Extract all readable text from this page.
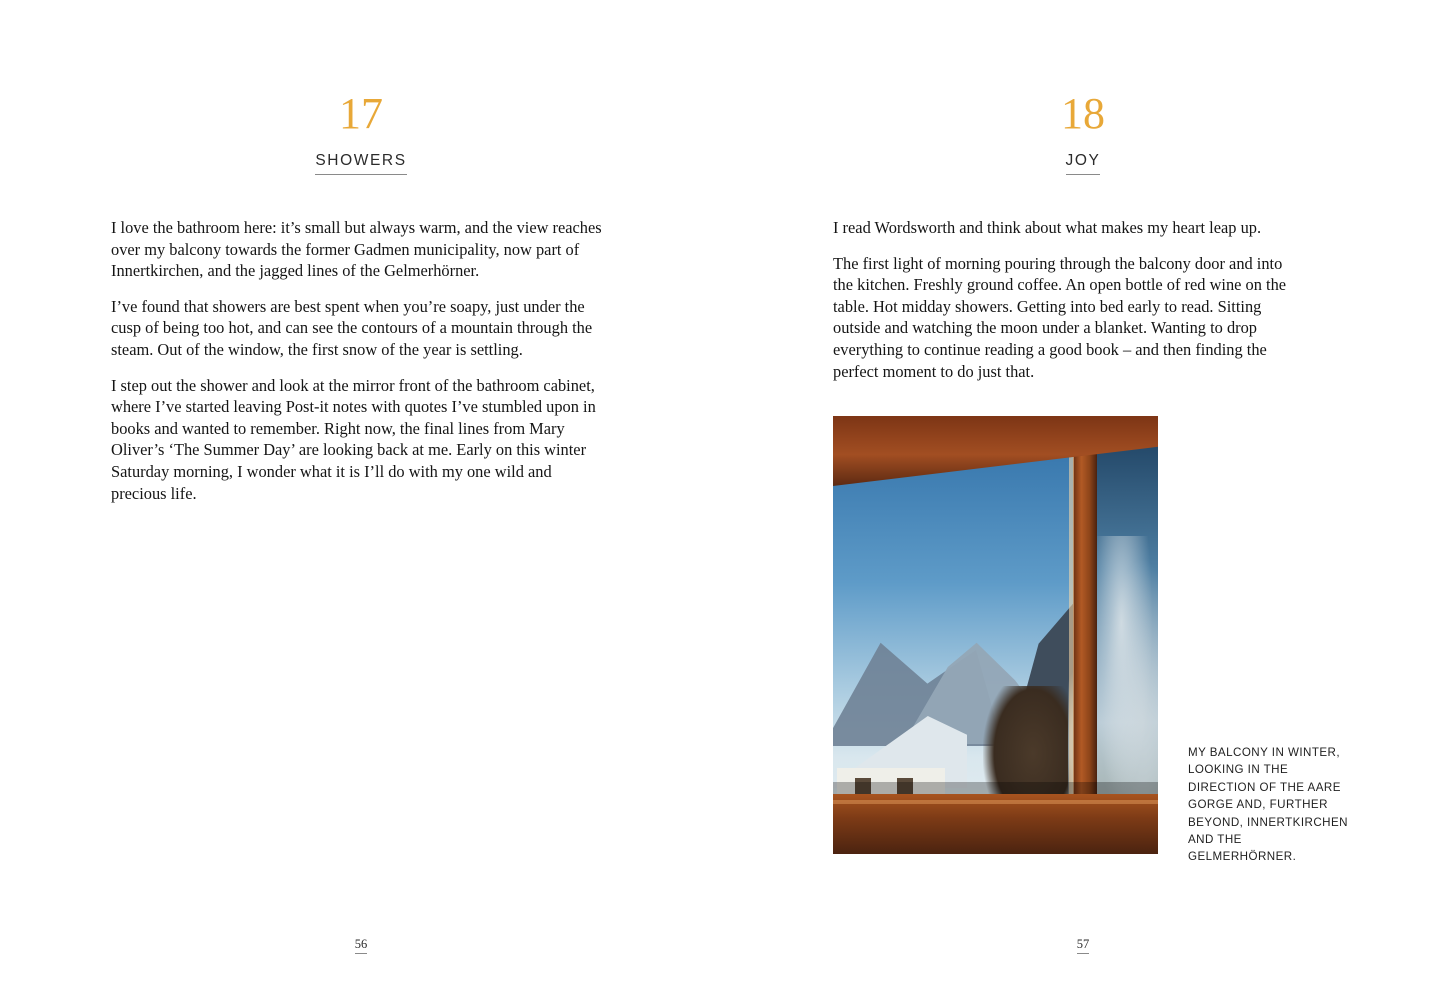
17
SHOWERS

I love the bathroom here: it’s small but always warm, and the view reaches over my balcony towards the former Gadmen municipality, now part of Innertkirchen, and the jagged lines of the Gelmerhörner.

I’ve found that showers are best spent when you’re soapy, just under the cusp of being too hot, and can see the contours of a mountain through the steam. Out of the window, the first snow of the year is settling.

I step out the shower and look at the mirror front of the bathroom cabinet, where I’ve started leaving Post-it notes with quotes I’ve stumbled upon in books and wanted to remember. Right now, the final lines from Mary Oliver’s ‘The Summer Day’ are looking back at me. Early on this winter Saturday morning, I wonder what it is I’ll do with my one wild and precious life.

56
18
JOY

I read Wordsworth and think about what makes my heart leap up.

The first light of morning pouring through the balcony door and into the kitchen. Freshly ground coffee. An open bottle of red wine on the table. Hot midday showers. Getting into bed early to read. Sitting outside and watching the moon under a blanket. Wanting to drop everything to continue reading a good book – and then finding the perfect moment to do just that.

MY BALCONY IN WINTER, LOOKING IN THE DIRECTION OF THE AARE GORGE AND, FURTHER BEYOND, INNERTKIRCHEN AND THE GELMERHÖRNER.
57
